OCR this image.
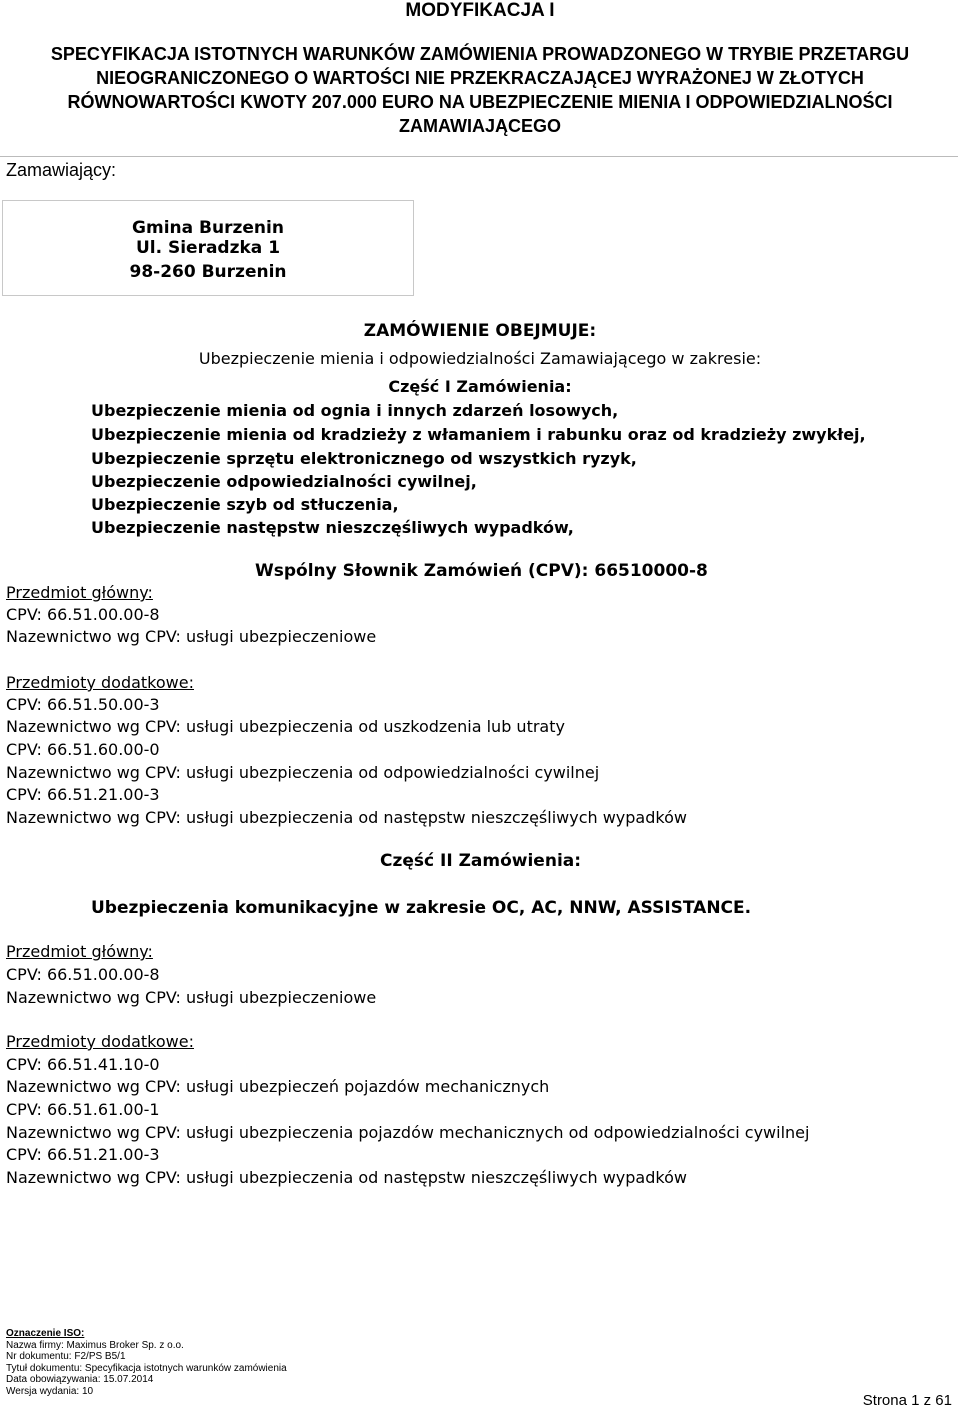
MODYFIKACJA I
SPECYFIKACJA ISTOTNYCH WARUNKÓW ZAMÓWIENIA PROWADZONEGO W TRYBIE PRZETARGU
NIEOGRANICZONEGO O WARTOŚCI NIE PRZEKRACZAJĄCEJ WYRAŻONEJ W ZŁOTYCH
RÓWNOWARTOŚCI KWOTY 207.000 EURO NA UBEZPIECZENIE MIENIA I ODPOWIEDZIALNOŚCI
ZAMAWIAJĄCEGO
Zamawiający:
Gmina Burzenin
Ul. Sieradzka 1
98-260 Burzenin
ZAMÓWIENIE OBEJMUJE:
Ubezpieczenie mienia i odpowiedzialności Zamawiającego w zakresie:
Część I Zamówienia:
Ubezpieczenie mienia od ognia i innych zdarzeń losowych,
Ubezpieczenie mienia od kradzieży z włamaniem i rabunku oraz od kradzieży zwykłej,
Ubezpieczenie sprzętu elektronicznego od wszystkich ryzyk,
Ubezpieczenie odpowiedzialności cywilnej,
Ubezpieczenie szyb od stłuczenia,
Ubezpieczenie następstw nieszczęśliwych wypadków,
Wspólny Słownik Zamówień (CPV): 66510000-8
Przedmiot główny:
CPV: 66.51.00.00-8
Nazewnictwo wg CPV: usługi ubezpieczeniowe
Przedmioty dodatkowe:
CPV: 66.51.50.00-3
Nazewnictwo wg CPV: usługi ubezpieczenia od uszkodzenia lub utraty
CPV: 66.51.60.00-0
Nazewnictwo wg CPV: usługi ubezpieczenia od odpowiedzialności cywilnej
CPV: 66.51.21.00-3
Nazewnictwo wg CPV: usługi ubezpieczenia od następstw nieszczęśliwych wypadków
Część II Zamówienia:
Ubezpieczenia komunikacyjne w zakresie OC, AC, NNW, ASSISTANCE.
Przedmiot główny:
CPV: 66.51.00.00-8
Nazewnictwo wg CPV: usługi ubezpieczeniowe
Przedmioty dodatkowe:
CPV: 66.51.41.10-0
Nazewnictwo wg CPV: usługi ubezpieczeń pojazdów mechanicznych
CPV: 66.51.61.00-1
Nazewnictwo wg CPV: usługi ubezpieczenia pojazdów mechanicznych od odpowiedzialności cywilnej
CPV: 66.51.21.00-3
Nazewnictwo wg CPV: usługi ubezpieczenia od następstw nieszczęśliwych wypadków
Oznaczenie ISO:
Nazwa firmy: Maximus Broker Sp. z o.o.
Nr dokumentu: F2/PS B5/1
Tytuł dokumentu: Specyfikacja istotnych warunków zamówienia
Data obowiązywania: 15.07.2014
Wersja wydania: 10
Strona 1 z 61
